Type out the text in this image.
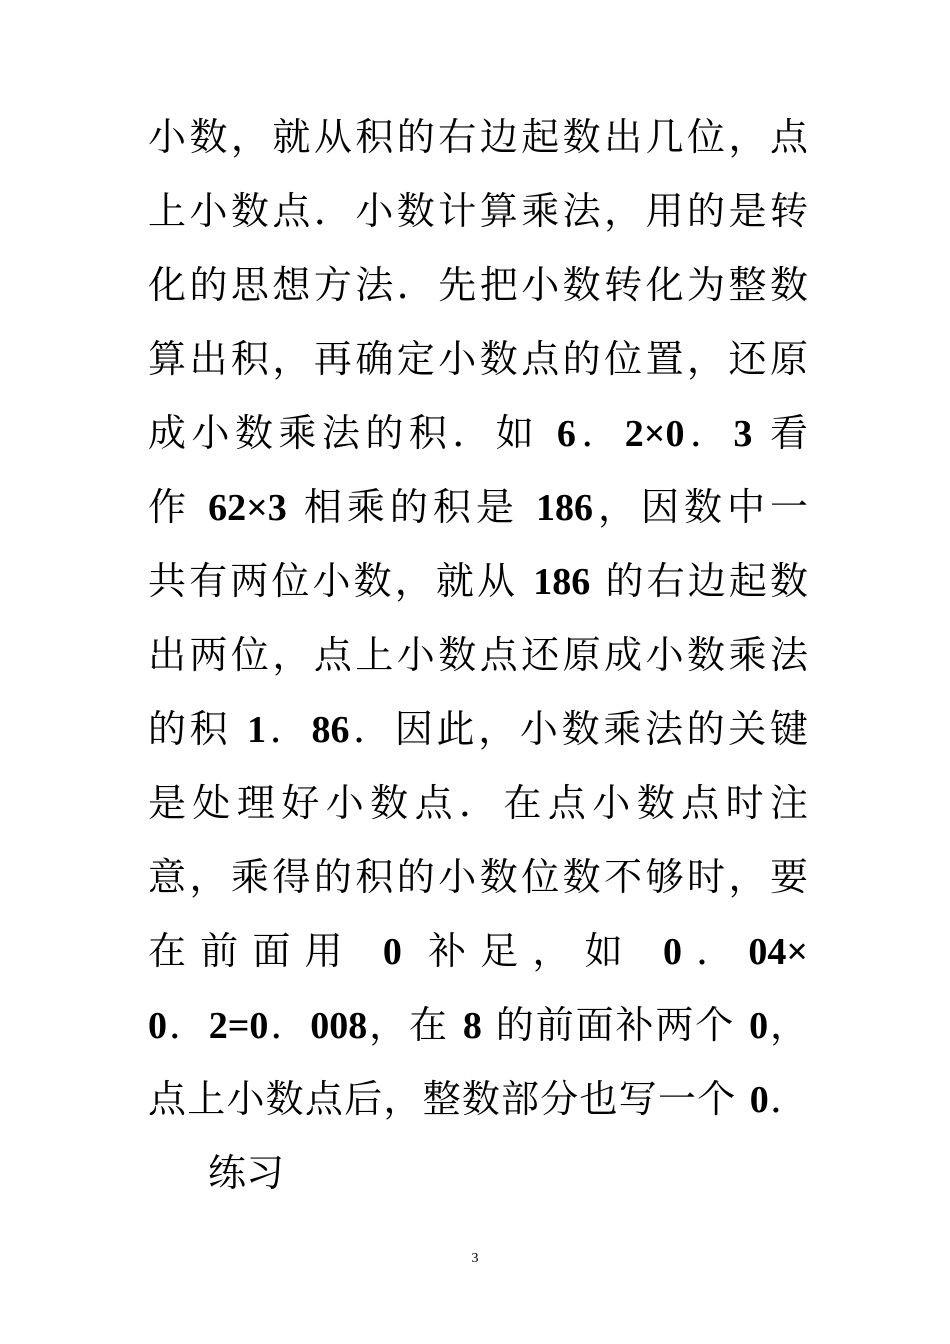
小数，就从积的右边起数出几位，点
上小数点．小数计算乘法，用的是转
化的思想方法．先把小数转化为整数
算出积，再确定小数点的位置，还原
成小数乘法的积．如 6．2×0．3 看
作 62×3 相乘的积是 186，因数中一
共有两位小数，就从 186 的右边起数
出两位，点上小数点还原成小数乘法
的积 1．86．因此，小数乘法的关键
是处理好小数点．在点小数点时注
意，乘得的积的小数位数不够时，要
在前面用 0 补足，如 0．04×
0．2=0．008，在 8 的前面补两个 0，
点上小数点后，整数部分也写一个 0．
练习
3
